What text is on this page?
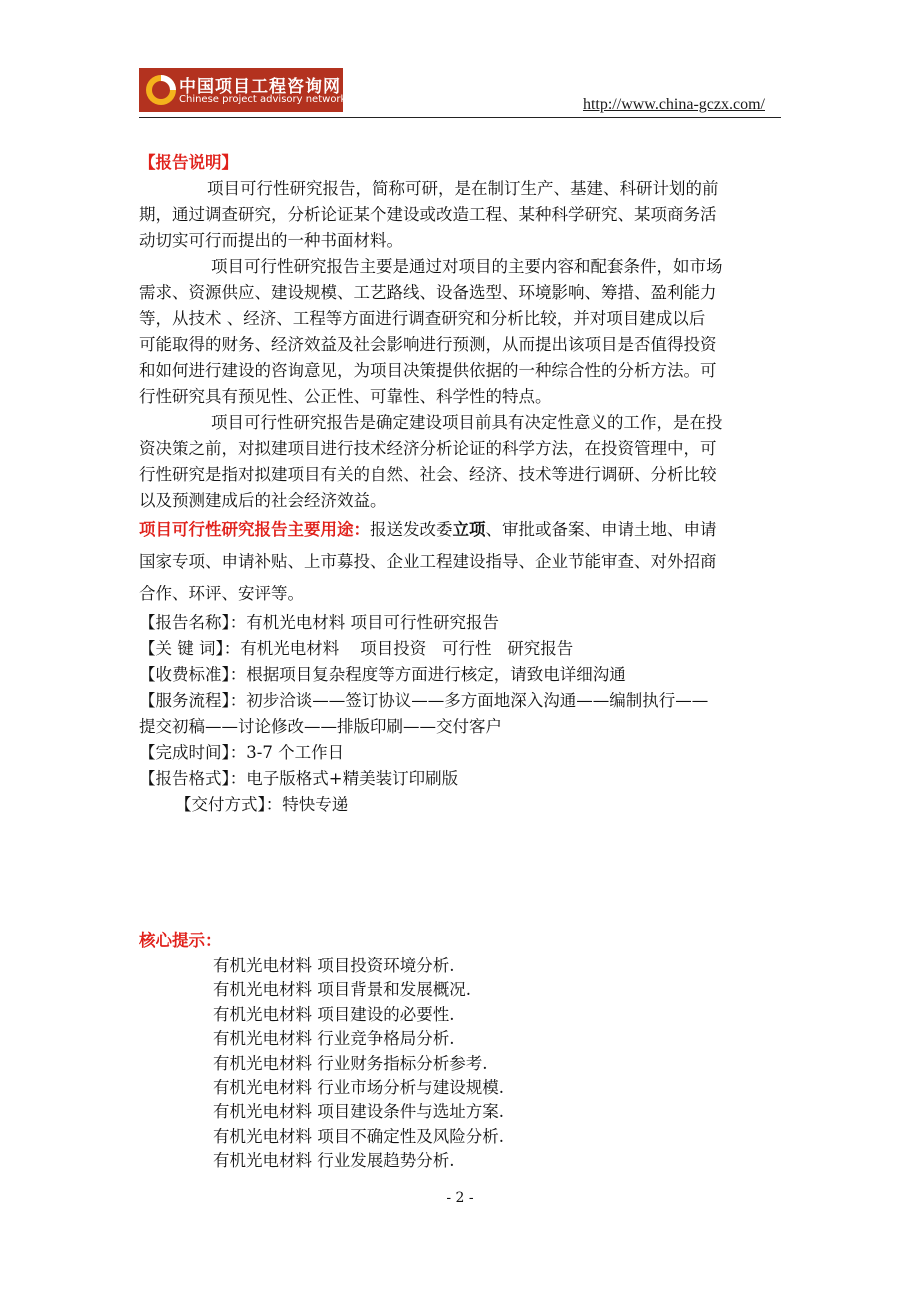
中国项目工程咨询网
Chinese project advisory network	http://www.china-gczx.com/
【报告说明】
项目可行性研究报告，简称可研，是在制订生产、基建、科研计划的前
期，通过调查研究，分析论证某个建设或改造工程、某种科学研究、某项商务活
动切实可行而提出的一种书面材料。
项目可行性研究报告主要是通过对项目的主要内容和配套条件，如市场
需求、资源供应、建设规模、工艺路线、设备选型、环境影响、筹措、盈利能力
等，从技术 、经济、工程等方面进行调查研究和分析比较，并对项目建成以后
可能取得的财务、经济效益及社会影响进行预测，从而提出该项目是否值得投资
和如何进行建设的咨询意见，为项目决策提供依据的一种综合性的分析方法。可
行性研究具有预见性、公正性、可靠性、科学性的特点。
项目可行性研究报告是确定建设项目前具有决定性意义的工作，是在投
资决策之前，对拟建项目进行技术经济分析论证的科学方法，在投资管理中，可
行性研究是指对拟建项目有关的自然、社会、经济、技术等进行调研、分析比较
以及预测建成后的社会经济效益。
项目可行性研究报告主要用途：报送发改委立项、审批或备案、申请土地、申请
国家专项、申请补贴、上市募投、企业工程建设指导、企业节能审查、对外招商
合作、环评、安评等。
【报告名称】：有机光电材料 项目可行性研究报告
【关 键 词】：有机光电材料    项目投资   可行性   研究报告
【收费标准】：根据项目复杂程度等方面进行核定，请致电详细沟通
【服务流程】：初步洽谈——签订协议——多方面地深入沟通——编制执行——
提交初稿——讨论修改——排版印刷——交付客户
【完成时间】：3-7 个工作日
【报告格式】：电子版格式+精美装订印刷版
【交付方式】：特快专递
核心提示：
有机光电材料 项目投资环境分析.
有机光电材料 项目背景和发展概况.
有机光电材料 项目建设的必要性.
有机光电材料 行业竞争格局分析.
有机光电材料 行业财务指标分析参考.
有机光电材料 行业市场分析与建设规模.
有机光电材料 项目建设条件与选址方案.
有机光电材料 项目不确定性及风险分析.
有机光电材料 行业发展趋势分析.
- 2 -
